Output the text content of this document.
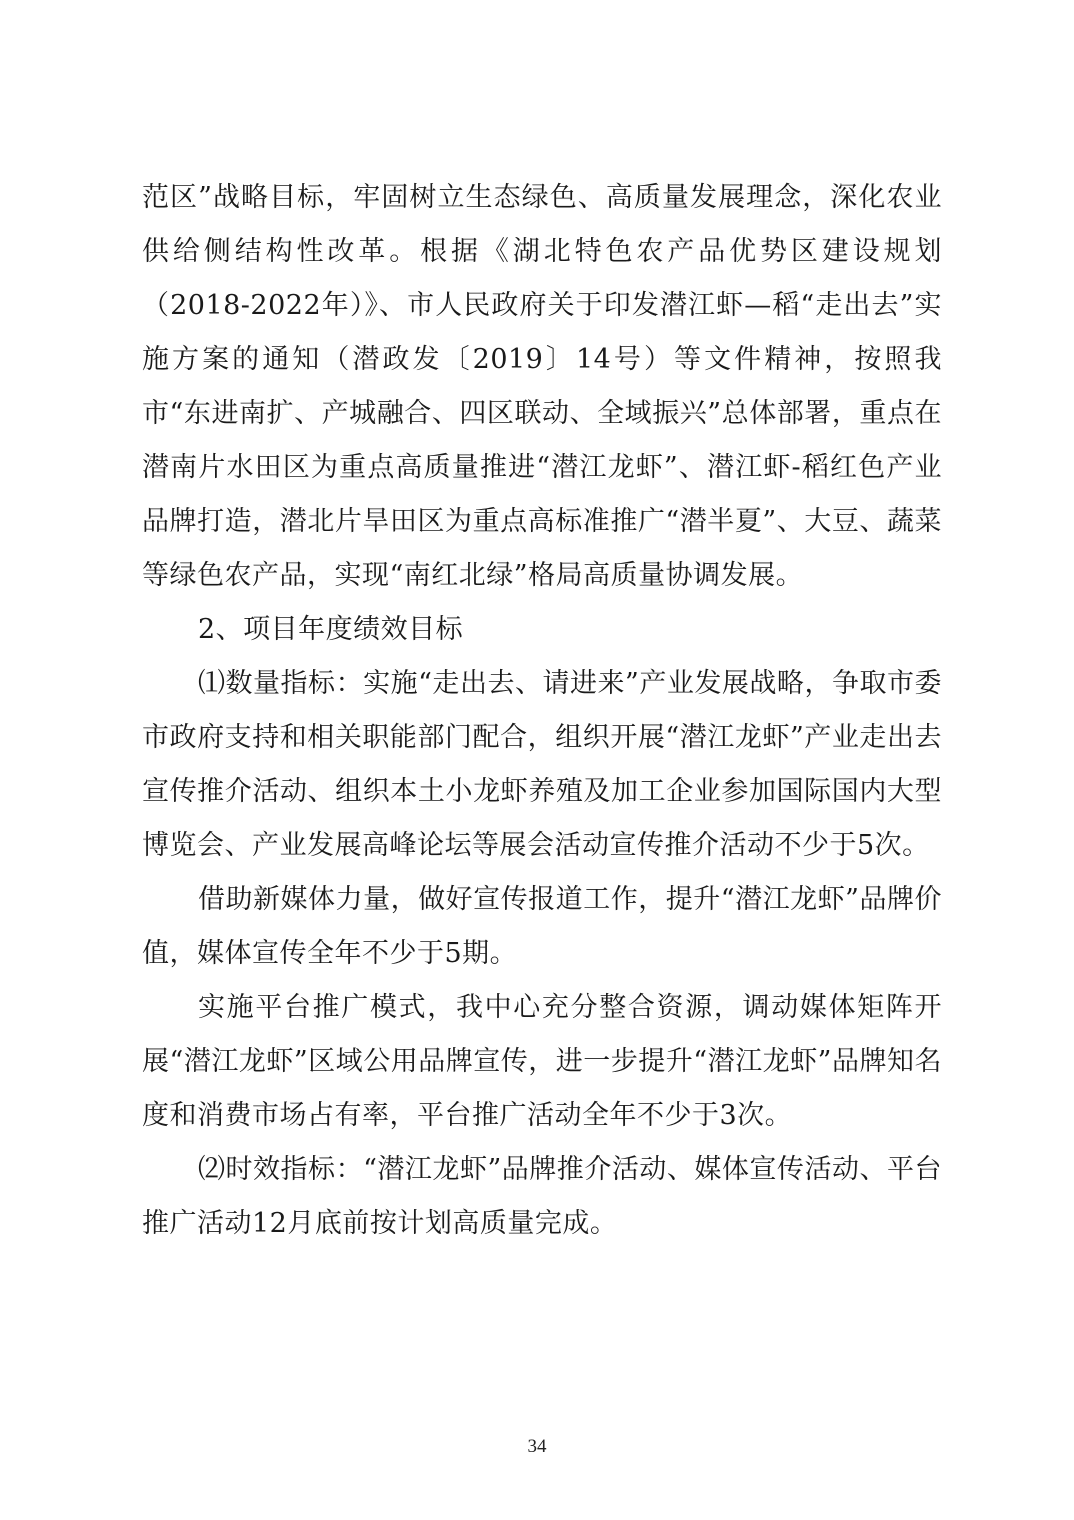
范区”战略目标，牢固树立生态绿色、高质量发展理念，深化农业供给侧结构性改革。根据《湖北特色农产品优势区建设规划（2018-2022年）》、市人民政府关于印发潜江虾—稻“走出去”实施方案的通知（潜政发〔2019〕14号）等文件精神，按照我市“东进南扩、产城融合、四区联动、全域振兴”总体部署，重点在潜南片水田区为重点高质量推进“潜江龙虾”、潜江虾-稻红色产业品牌打造，潜北片旱田区为重点高标准推广“潜半夏”、大豆、蔬菜等绿色农产品，实现“南红北绿”格局高质量协调发展。

2、项目年度绩效目标

⑴数量指标：实施“走出去、请进来”产业发展战略，争取市委市政府支持和相关职能部门配合，组织开展“潜江龙虾”产业走出去宣传推介活动、组织本土小龙虾养殖及加工企业参加国际国内大型博览会、产业发展高峰论坛等展会活动宣传推介活动不少于5次。

借助新媒体力量，做好宣传报道工作，提升“潜江龙虾”品牌价值，媒体宣传全年不少于5期。

实施平台推广模式，我中心充分整合资源，调动媒体矩阵开展“潜江龙虾”区域公用品牌宣传，进一步提升“潜江龙虾”品牌知名度和消费市场占有率，平台推广活动全年不少于3次。

⑵时效指标：“潜江龙虾”品牌推介活动、媒体宣传活动、平台推广活动12月底前按计划高质量完成。

34
